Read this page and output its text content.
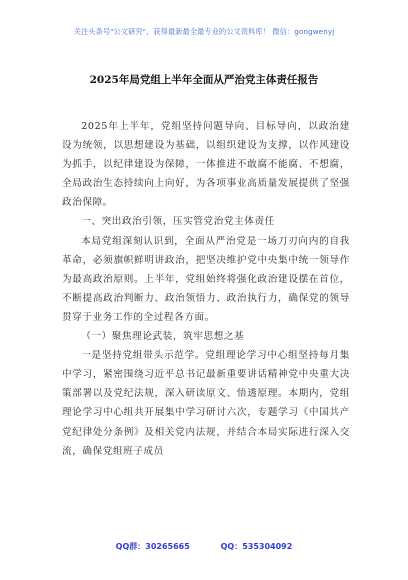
关注头条号"公文研究"，获得最新最全最专业的公文资料库！ 微信：gongwenyj
2025年局党组上半年全面从严治党主体责任报告

2025年上半年，党组坚持问题导向、目标导向，以政治建设为统领，以思想建设为基础，以组织建设为支撑，以作风建设为抓手，以纪律建设为保障，一体推进不敢腐不能腐、不想腐，全局政治生态持续向上向好，为各项事业高质量发展提供了坚强政治保障。

一、突出政治引领，压实管党治党主体责任

本局党组深刻认识到，全面从严治党是一场刀刃向内的自我革命，必须旗帜鲜明讲政治，把坚决维护党中央集中统一领导作为最高政治原则。上半年，党组始终将强化政治建设摆在首位，不断提高政治判断力、政治领悟力、政治执行力，确保党的领导贯穿于业务工作的全过程各方面。

（一）聚焦理论武装，筑牢思想之基

一是坚持党组带头示范学。党组理论学习中心组坚持每月集中学习，紧密围绕习近平总书记最新重要讲话精神党中央重大决策部署以及党纪法规，深入研读原文、悟透原理。本期内，党组理论学习中心组共开展集中学习研讨六次，专题学习《中国共产党纪律处分条例》及相关党内法规，并结合本局实际进行深入交流，确保党组班子成员

QQ群：30265665	QQ：535304092
